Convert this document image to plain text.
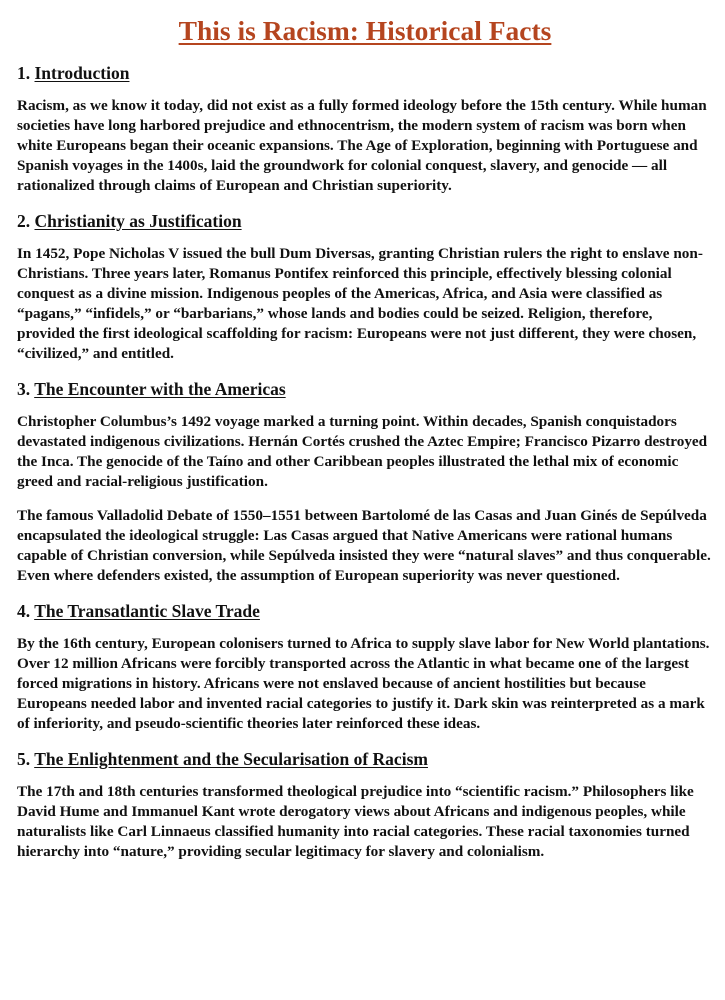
This is Racism: Historical Facts
1. Introduction

Racism, as we know it today, did not exist as a fully formed ideology before the 15th century. While human societies have long harbored prejudice and ethnocentrism, the modern system of racism was born when white Europeans began their oceanic expansions. The Age of Exploration, beginning with Portuguese and Spanish voyages in the 1400s, laid the groundwork for colonial conquest, slavery, and genocide — all rationalized through claims of European and Christian superiority.

2. Christianity as Justification

In 1452, Pope Nicholas V issued the bull Dum Diversas, granting Christian rulers the right to enslave non-Christians. Three years later, Romanus Pontifex reinforced this principle, effectively blessing colonial conquest as a divine mission. Indigenous peoples of the Americas, Africa, and Asia were classified as “pagans,” “infidels,” or “barbarians,” whose lands and bodies could be seized. Religion, therefore, provided the first ideological scaffolding for racism: Europeans were not just different, they were chosen, “civilized,” and entitled.

3. The Encounter with the Americas

Christopher Columbus’s 1492 voyage marked a turning point. Within decades, Spanish conquistadors devastated indigenous civilizations. Hernán Cortés crushed the Aztec Empire; Francisco Pizarro destroyed the Inca. The genocide of the Taíno and other Caribbean peoples illustrated the lethal mix of economic greed and racial-religious justification.

The famous Valladolid Debate of 1550–1551 between Bartolomé de las Casas and Juan Ginés de Sepúlveda encapsulated the ideological struggle: Las Casas argued that Native Americans were rational humans capable of Christian conversion, while Sepúlveda insisted they were “natural slaves” and thus conquerable. Even where defenders existed, the assumption of European superiority was never questioned.

4. The Transatlantic Slave Trade

By the 16th century, European colonisers turned to Africa to supply slave labor for New World plantations. Over 12 million Africans were forcibly transported across the Atlantic in what became one of the largest forced migrations in history. Africans were not enslaved because of ancient hostilities but because Europeans needed labor and invented racial categories to justify it. Dark skin was reinterpreted as a mark of inferiority, and pseudo-scientific theories later reinforced these ideas.

5. The Enlightenment and the Secularisation of Racism

The 17th and 18th centuries transformed theological prejudice into “scientific racism.” Philosophers like David Hume and Immanuel Kant wrote derogatory views about Africans and indigenous peoples, while naturalists like Carl Linnaeus classified humanity into racial categories. These racial taxonomies turned hierarchy into “nature,” providing secular legitimacy for slavery and colonialism.
